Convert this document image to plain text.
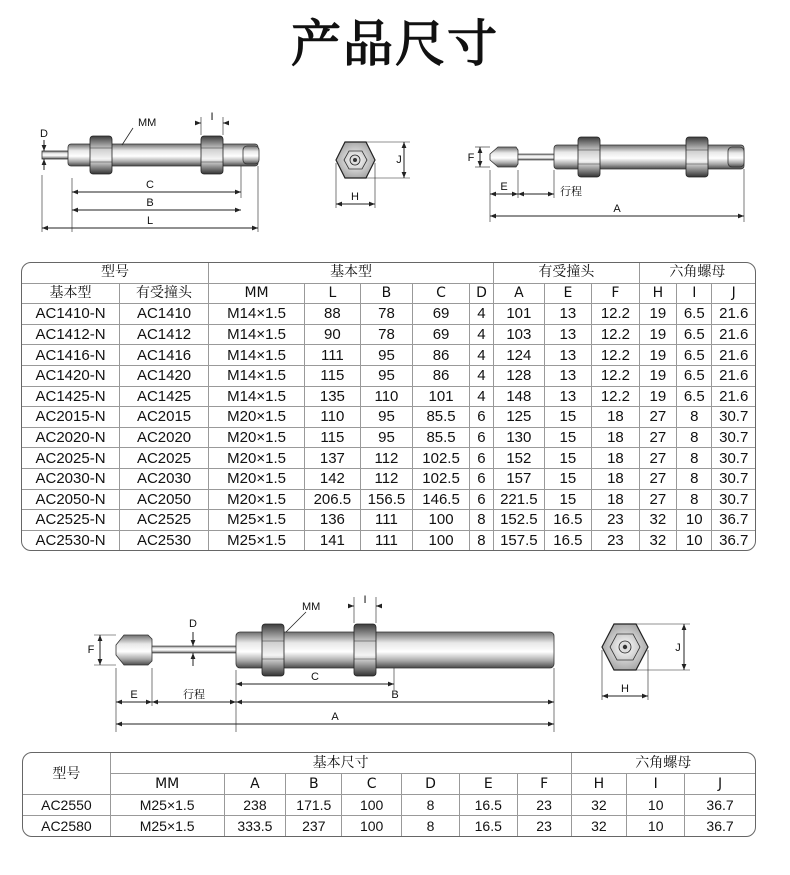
产品尺寸
D
MM	I
C
B
L
J
H
F
E	行程
A
MM
I
F
D
C
E	行程	B
A
J
H
型号		基本型					有受撞头			六角螺母		
基本型	有受撞头	MM	L	B	C	D	A	E	F	H	I	J
AC1410-N	AC1410	M14×1.5	88	78	69	4	101	13	12.2	19	6.5	21.6
AC1412-N	AC1412	M14×1.5	90	78	69	4	103	13	12.2	19	6.5	21.6
AC1416-N	AC1416	M14×1.5	111	95	86	4	124	13	12.2	19	6.5	21.6
AC1420-N	AC1420	M14×1.5	115	95	86	4	128	13	12.2	19	6.5	21.6
AC1425-N	AC1425	M14×1.5	135	110	101	4	148	13	12.2	19	6.5	21.6
AC2015-N	AC2015	M20×1.5	110	95	85.5	6	125	15	18	27	8	30.7
AC2020-N	AC2020	M20×1.5	115	95	85.5	6	130	15	18	27	8	30.7
AC2025-N	AC2025	M20×1.5	137	112	102.5	6	152	15	18	27	8	30.7
AC2030-N	AC2030	M20×1.5	142	112	102.5	6	157	15	18	27	8	30.7
AC2050-N	AC2050	M20×1.5	206.5	156.5	146.5	6	221.5	15	18	27	8	30.7
AC2525-N	AC2525	M25×1.5	136	111	100	8	152.5	16.5	23	32	10	36.7
AC2530-N	AC2530	M25×1.5	141	111	100	8	157.5	16.5	23	32	10	36.7
型号	基本尺寸							六角螺母		
	MM	A	B	C	D	E	F	H	I	J
AC2550	M25×1.5	238	171.5	100	8	16.5	23	32	10	36.7
AC2580	M25×1.5	333.5	237	100	8	16.5	23	32	10	36.7
